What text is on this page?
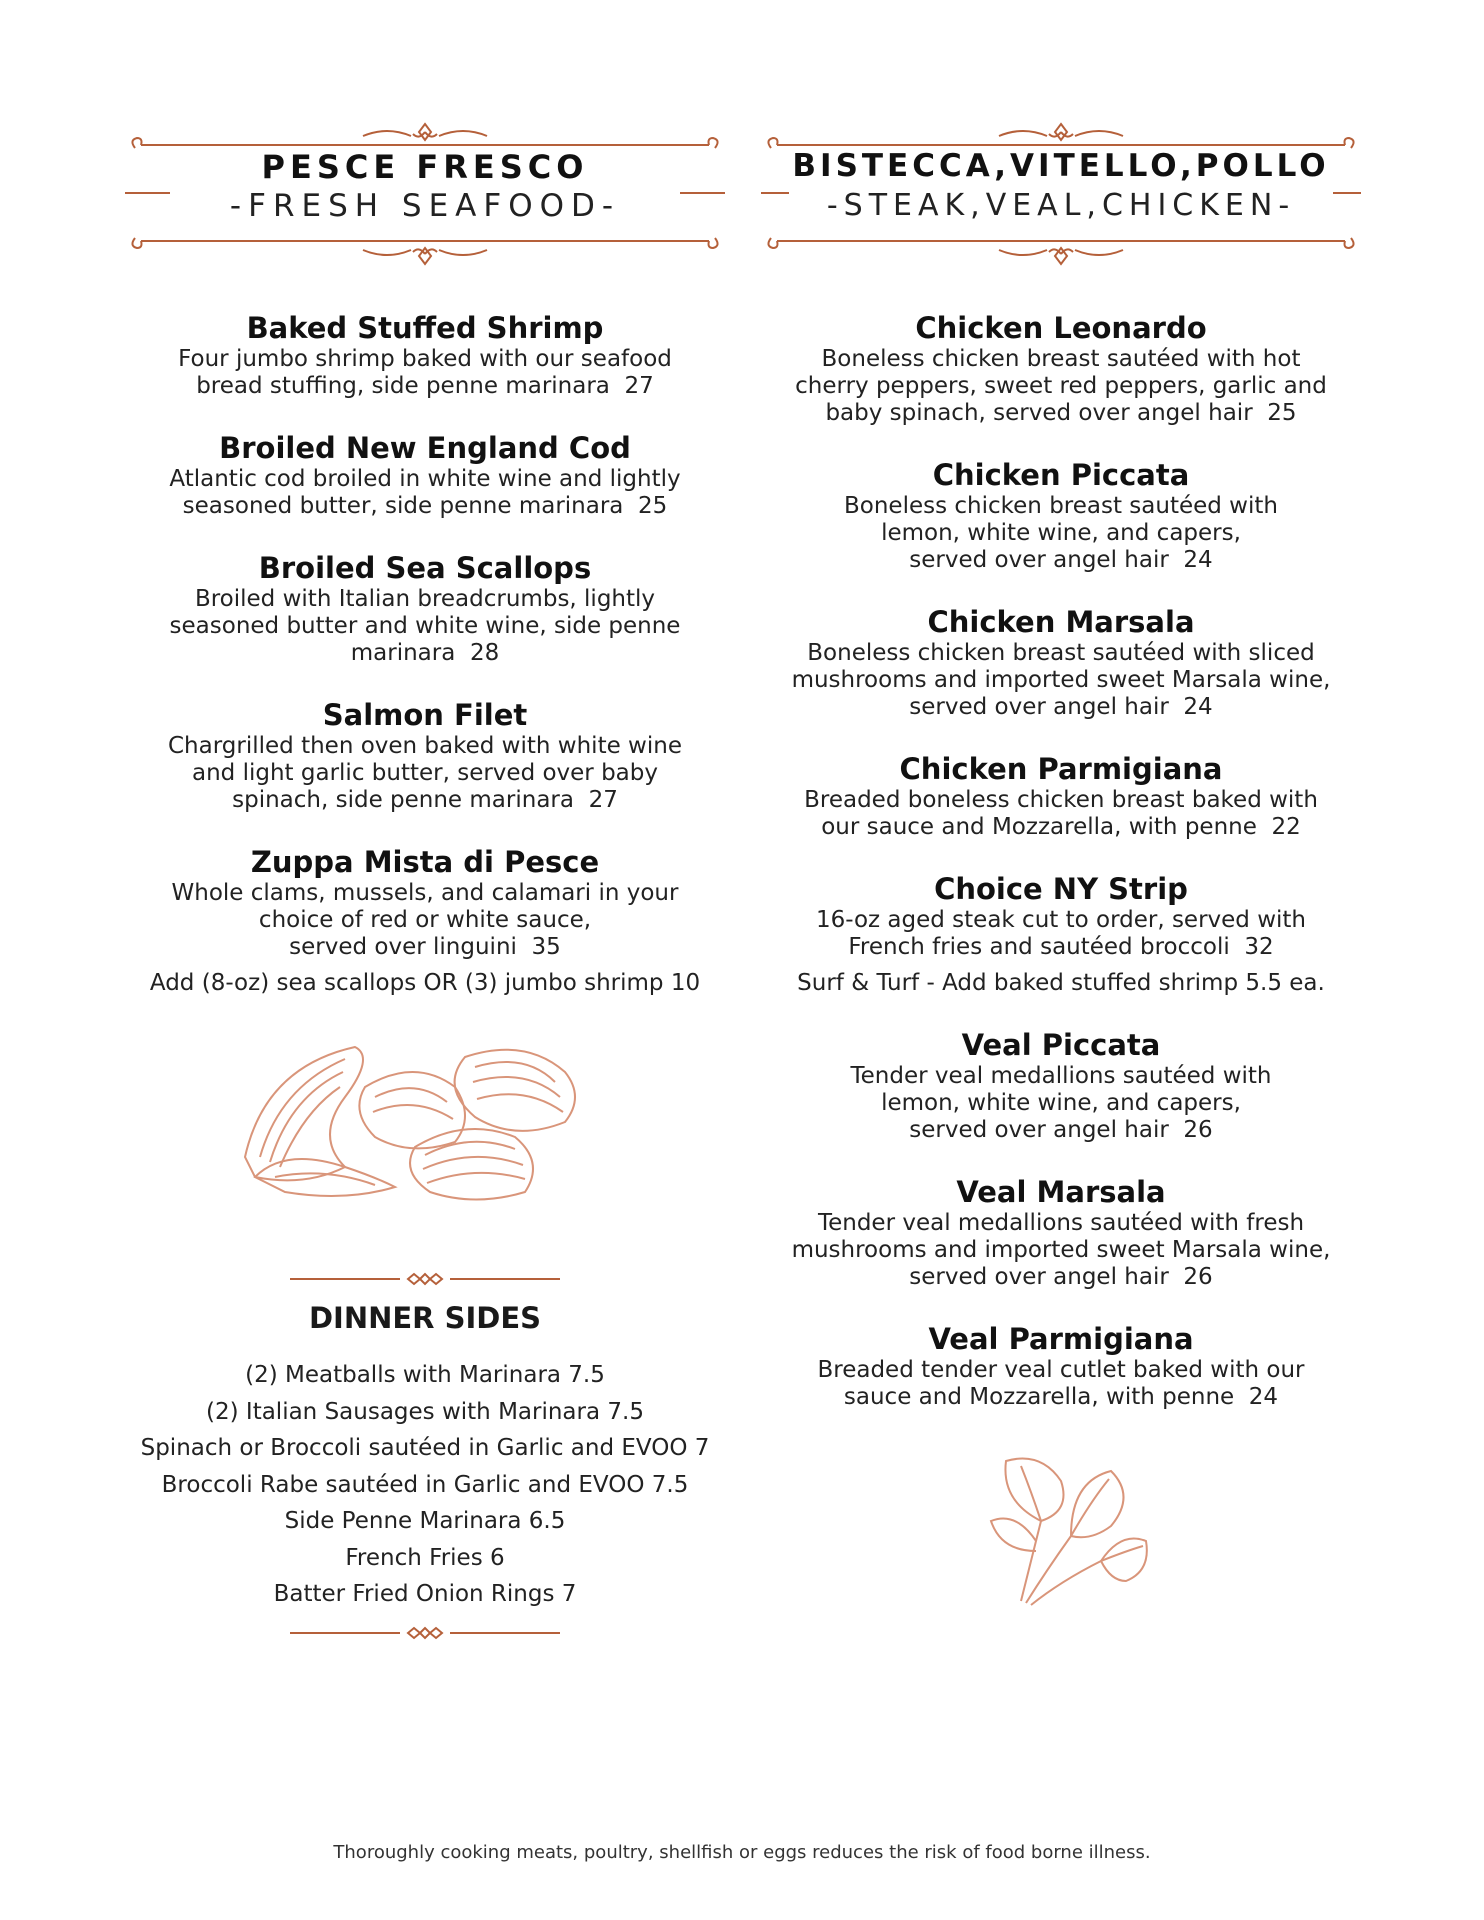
PESCE FRESCO
-FRESH SEAFOOD-
Baked Stuffed Shrimp
Four jumbo shrimp baked with our seafood
bread stuffing, side penne marinara 27
Broiled New England Cod
Atlantic cod broiled in white wine and lightly
seasoned butter, side penne marinara 25
Broiled Sea Scallops
Broiled with Italian breadcrumbs, lightly
seasoned butter and white wine, side penne
marinara 28
Salmon Filet
Chargrilled then oven baked with white wine
and light garlic butter, served over baby
spinach, side penne marinara 27
Zuppa Mista di Pesce
Whole clams, mussels, and calamari in your
choice of red or white sauce,
served over linguini 35
Add (8-oz) sea scallops OR (3) jumbo shrimp 10
DINNER SIDES
(2) Meatballs with Marinara 7.5
(2) Italian Sausages with Marinara 7.5
Spinach or Broccoli sautéed in Garlic and EVOO 7
Broccoli Rabe sautéed in Garlic and EVOO 7.5
Side Penne Marinara 6.5
French Fries 6
Batter Fried Onion Rings 7
BISTECCA,VITELLO,POLLO
-STEAK,VEAL,CHICKEN-
Chicken Leonardo
Boneless chicken breast sautéed with hot
cherry peppers, sweet red peppers, garlic and
baby spinach, served over angel hair 25
Chicken Piccata
Boneless chicken breast sautéed with
lemon, white wine, and capers,
served over angel hair 24
Chicken Marsala
Boneless chicken breast sautéed with sliced
mushrooms and imported sweet Marsala wine,
served over angel hair 24
Chicken Parmigiana
Breaded boneless chicken breast baked with
our sauce and Mozzarella, with penne 22
Choice NY Strip
16-oz aged steak cut to order, served with
French fries and sautéed broccoli 32
Surf & Turf - Add baked stuffed shrimp 5.5 ea.
Veal Piccata
Tender veal medallions sautéed with
lemon, white wine, and capers,
served over angel hair 26
Veal Marsala
Tender veal medallions sautéed with fresh
mushrooms and imported sweet Marsala wine,
served over angel hair 26
Veal Parmigiana
Breaded tender veal cutlet baked with our
sauce and Mozzarella, with penne 24
Thoroughly cooking meats, poultry, shellfish or eggs reduces the risk of food borne illness.
